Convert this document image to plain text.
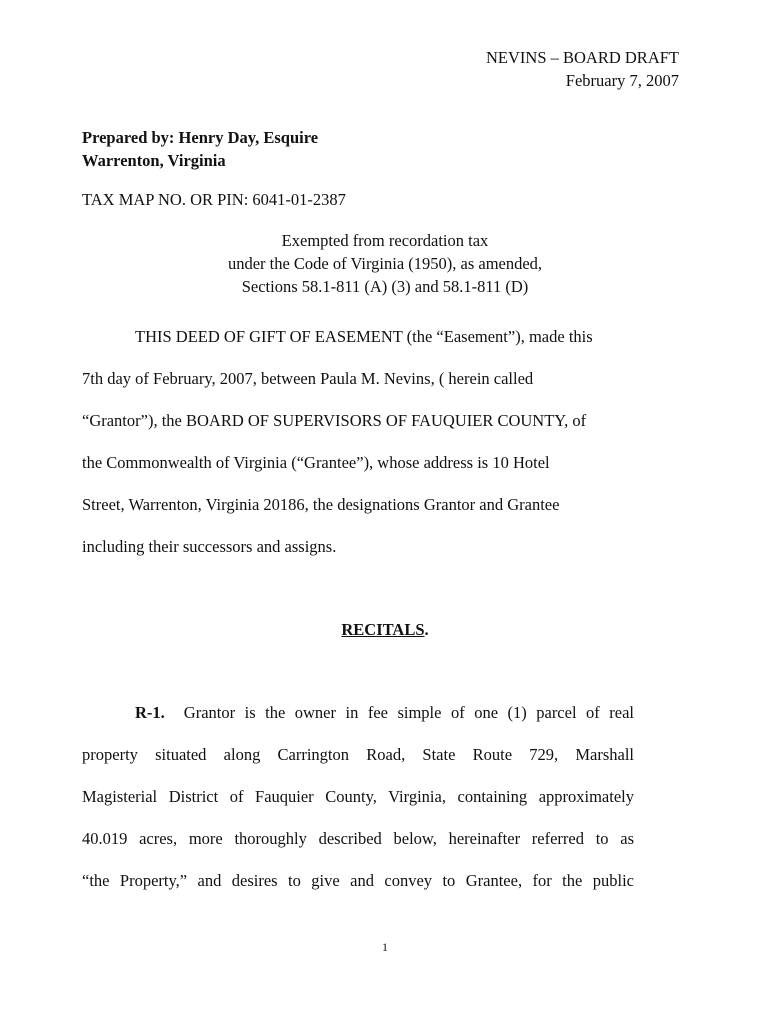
NEVINS – BOARD DRAFT
February 7, 2007
Prepared by: Henry Day, Esquire
Warrenton, Virginia
TAX MAP NO. OR PIN: 6041-01-2387
Exempted from recordation tax
under the Code of Virginia (1950), as amended,
Sections 58.1-811 (A) (3) and 58.1-811 (D)
THIS DEED OF GIFT OF EASEMENT (the “Easement”), made this
7th day of February, 2007, between Paula M. Nevins, ( herein called
“Grantor”), the BOARD OF SUPERVISORS OF FAUQUIER COUNTY, of
the Commonwealth of Virginia (“Grantee”), whose address is 10 Hotel
Street, Warrenton, Virginia 20186, the designations Grantor and Grantee
including their successors and assigns.
RECITALS.
R-1. Grantor is the owner in fee simple of one (1) parcel of real
property situated along Carrington Road, State Route 729, Marshall
Magisterial District of Fauquier County, Virginia, containing approximately
40.019 acres, more thoroughly described below, hereinafter referred to as
“the Property,” and desires to give and convey to Grantee, for the public
1
